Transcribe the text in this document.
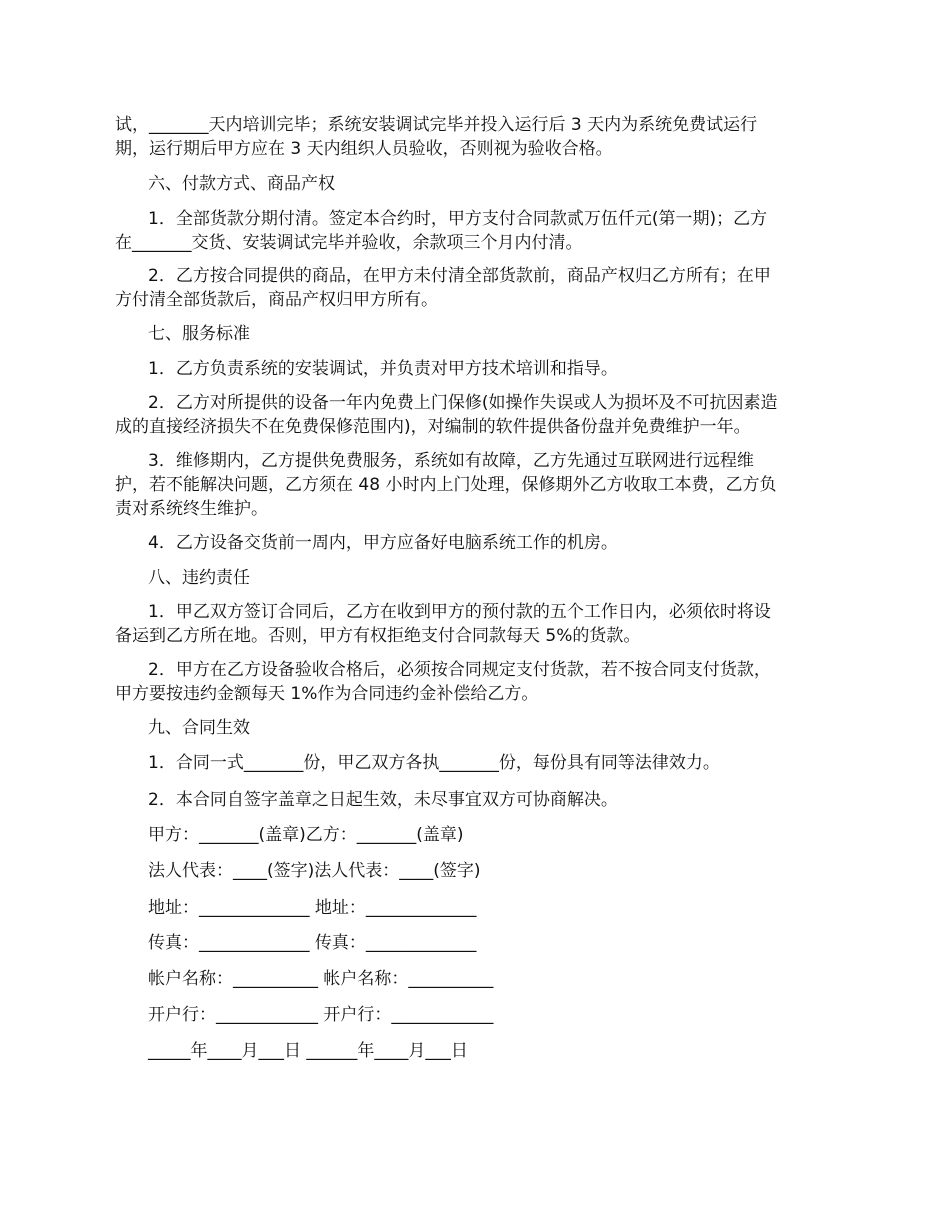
试，_______天内培训完毕；系统安装调试完毕并投入运行后 3 天内为系统免费试运行
期，运行期后甲方应在 3 天内组织人员验收，否则视为验收合格。

六、付款方式、商品产权

1．全部货款分期付清。签定本合约时，甲方支付合同款贰万伍仟元(第一期)；乙方
在_______交货、安装调试完毕并验收，余款项三个月内付清。

2．乙方按合同提供的商品，在甲方未付清全部货款前，商品产权归乙方所有；在甲
方付清全部货款后，商品产权归甲方所有。

七、服务标准

1．乙方负责系统的安装调试，并负责对甲方技术培训和指导。

2．乙方对所提供的设备一年内免费上门保修(如操作失误或人为损坏及不可抗因素造
成的直接经济损失不在免费保修范围内)，对编制的软件提供备份盘并免费维护一年。

3．维修期内，乙方提供免费服务，系统如有故障，乙方先通过互联网进行远程维
护，若不能解决问题，乙方须在 48 小时内上门处理，保修期外乙方收取工本费，乙方负
责对系统终生维护。

4．乙方设备交货前一周内，甲方应备好电脑系统工作的机房。

八、违约责任

1．甲乙双方签订合同后，乙方在收到甲方的预付款的五个工作日内，必须依时将设
备运到乙方所在地。否则，甲方有权拒绝支付合同款每天 5%的货款。

2．甲方在乙方设备验收合格后，必须按合同规定支付货款，若不按合同支付货款，
甲方要按违约金额每天 1%作为合同违约金补偿给乙方。

九、合同生效

1．合同一式_______份，甲乙双方各执_______份，每份具有同等法律效力。

2．本合同自签字盖章之日起生效，未尽事宜双方可协商解决。

甲方：_______(盖章)乙方：_______(盖章)

法人代表：____(签字)法人代表：____(签字)

地址：_____________ 地址：_____________

传真：_____________ 传真：_____________

帐户名称：__________ 帐户名称：__________

开户行：____________ 开户行：____________

_____年____月___日 ______年____月___日
